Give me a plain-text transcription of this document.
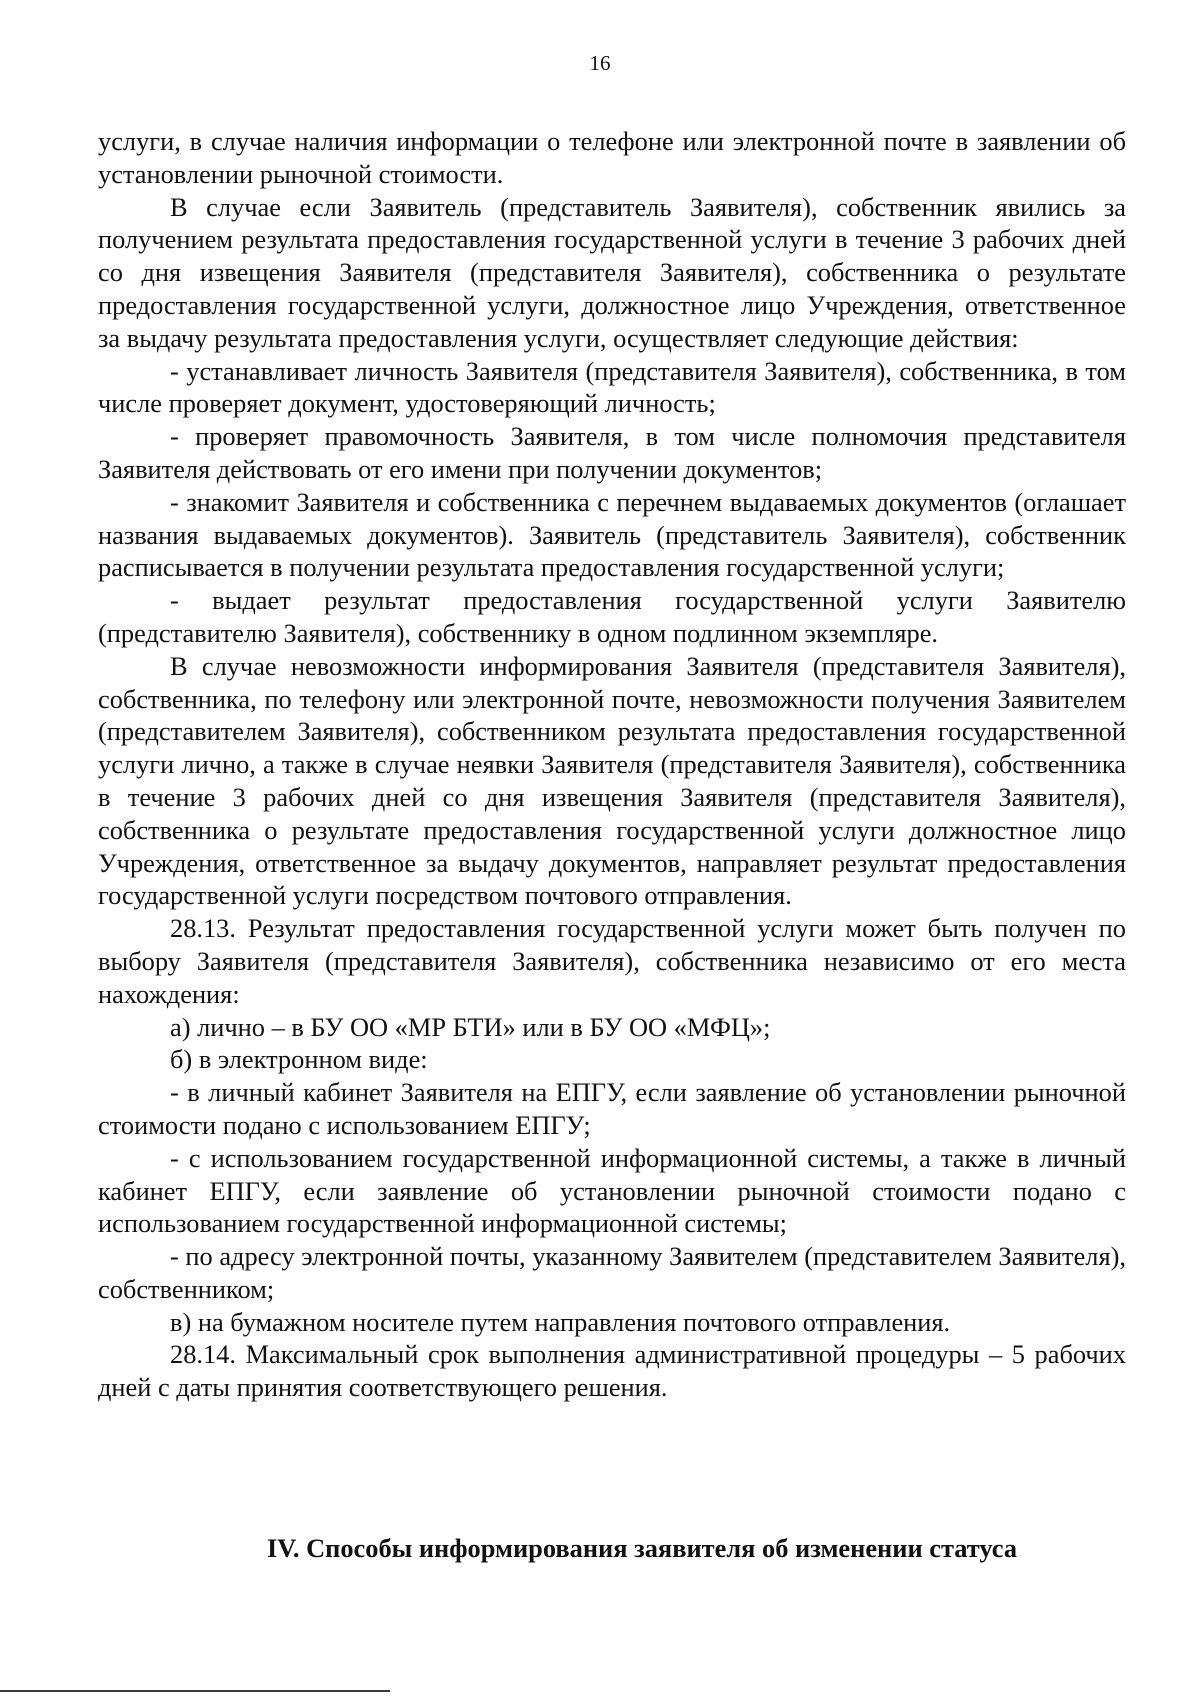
16

услуги, в случае наличия информации о телефоне или электронной почте в заявлении об установлении рыночной стоимости.

В случае если Заявитель (представитель Заявителя), собственник явились за получением результата предоставления государственной услуги в течение 3 рабочих дней со дня извещения Заявителя (представителя Заявителя), собственника о результате предоставления государственной услуги, должностное лицо Учреждения, ответственное за выдачу результата предоставления услуги, осуществляет следующие действия:

- устанавливает личность Заявителя (представителя Заявителя), собственника, в том числе проверяет документ, удостоверяющий личность;

- проверяет правомочность Заявителя, в том числе полномочия представителя Заявителя действовать от его имени при получении документов;

- знакомит Заявителя и собственника с перечнем выдаваемых документов (оглашает названия выдаваемых документов). Заявитель (представитель Заявителя), собственник расписывается в получении результата предоставления государственной услуги;

- выдает результат предоставления государственной услуги Заявителю (представителю Заявителя), собственнику в одном подлинном экземпляре.

В случае невозможности информирования Заявителя (представителя Заявителя), собственника, по телефону или электронной почте, невозможности получения Заявителем (представителем Заявителя), собственником результата предоставления государственной услуги лично, а также в случае неявки Заявителя (представителя Заявителя), собственника в течение 3 рабочих дней со дня извещения Заявителя (представителя Заявителя), собственника о результате предоставления государственной услуги должностное лицо Учреждения, ответственное за выдачу документов, направляет результат предоставления государственной услуги посредством почтового отправления.

28.13. Результат предоставления государственной услуги может быть получен по выбору Заявителя (представителя Заявителя), собственника независимо от его места нахождения:

а) лично – в БУ ОО «МР БТИ» или в БУ ОО «МФЦ»;

б) в электронном виде:

- в личный кабинет Заявителя на ЕПГУ, если заявление об установлении рыночной стоимости подано с использованием ЕПГУ;

- с использованием государственной информационной системы, а также в личный кабинет ЕПГУ, если заявление об установлении рыночной стоимости подано с использованием государственной информационной системы;

- по адресу электронной почты, указанному Заявителем (представителем Заявителя), собственником;

в) на бумажном носителе путем направления почтового отправления.

28.14. Максимальный срок выполнения административной процедуры – 5 рабочих дней с даты принятия соответствующего решения.

IV. Способы информирования заявителя об изменении статуса
